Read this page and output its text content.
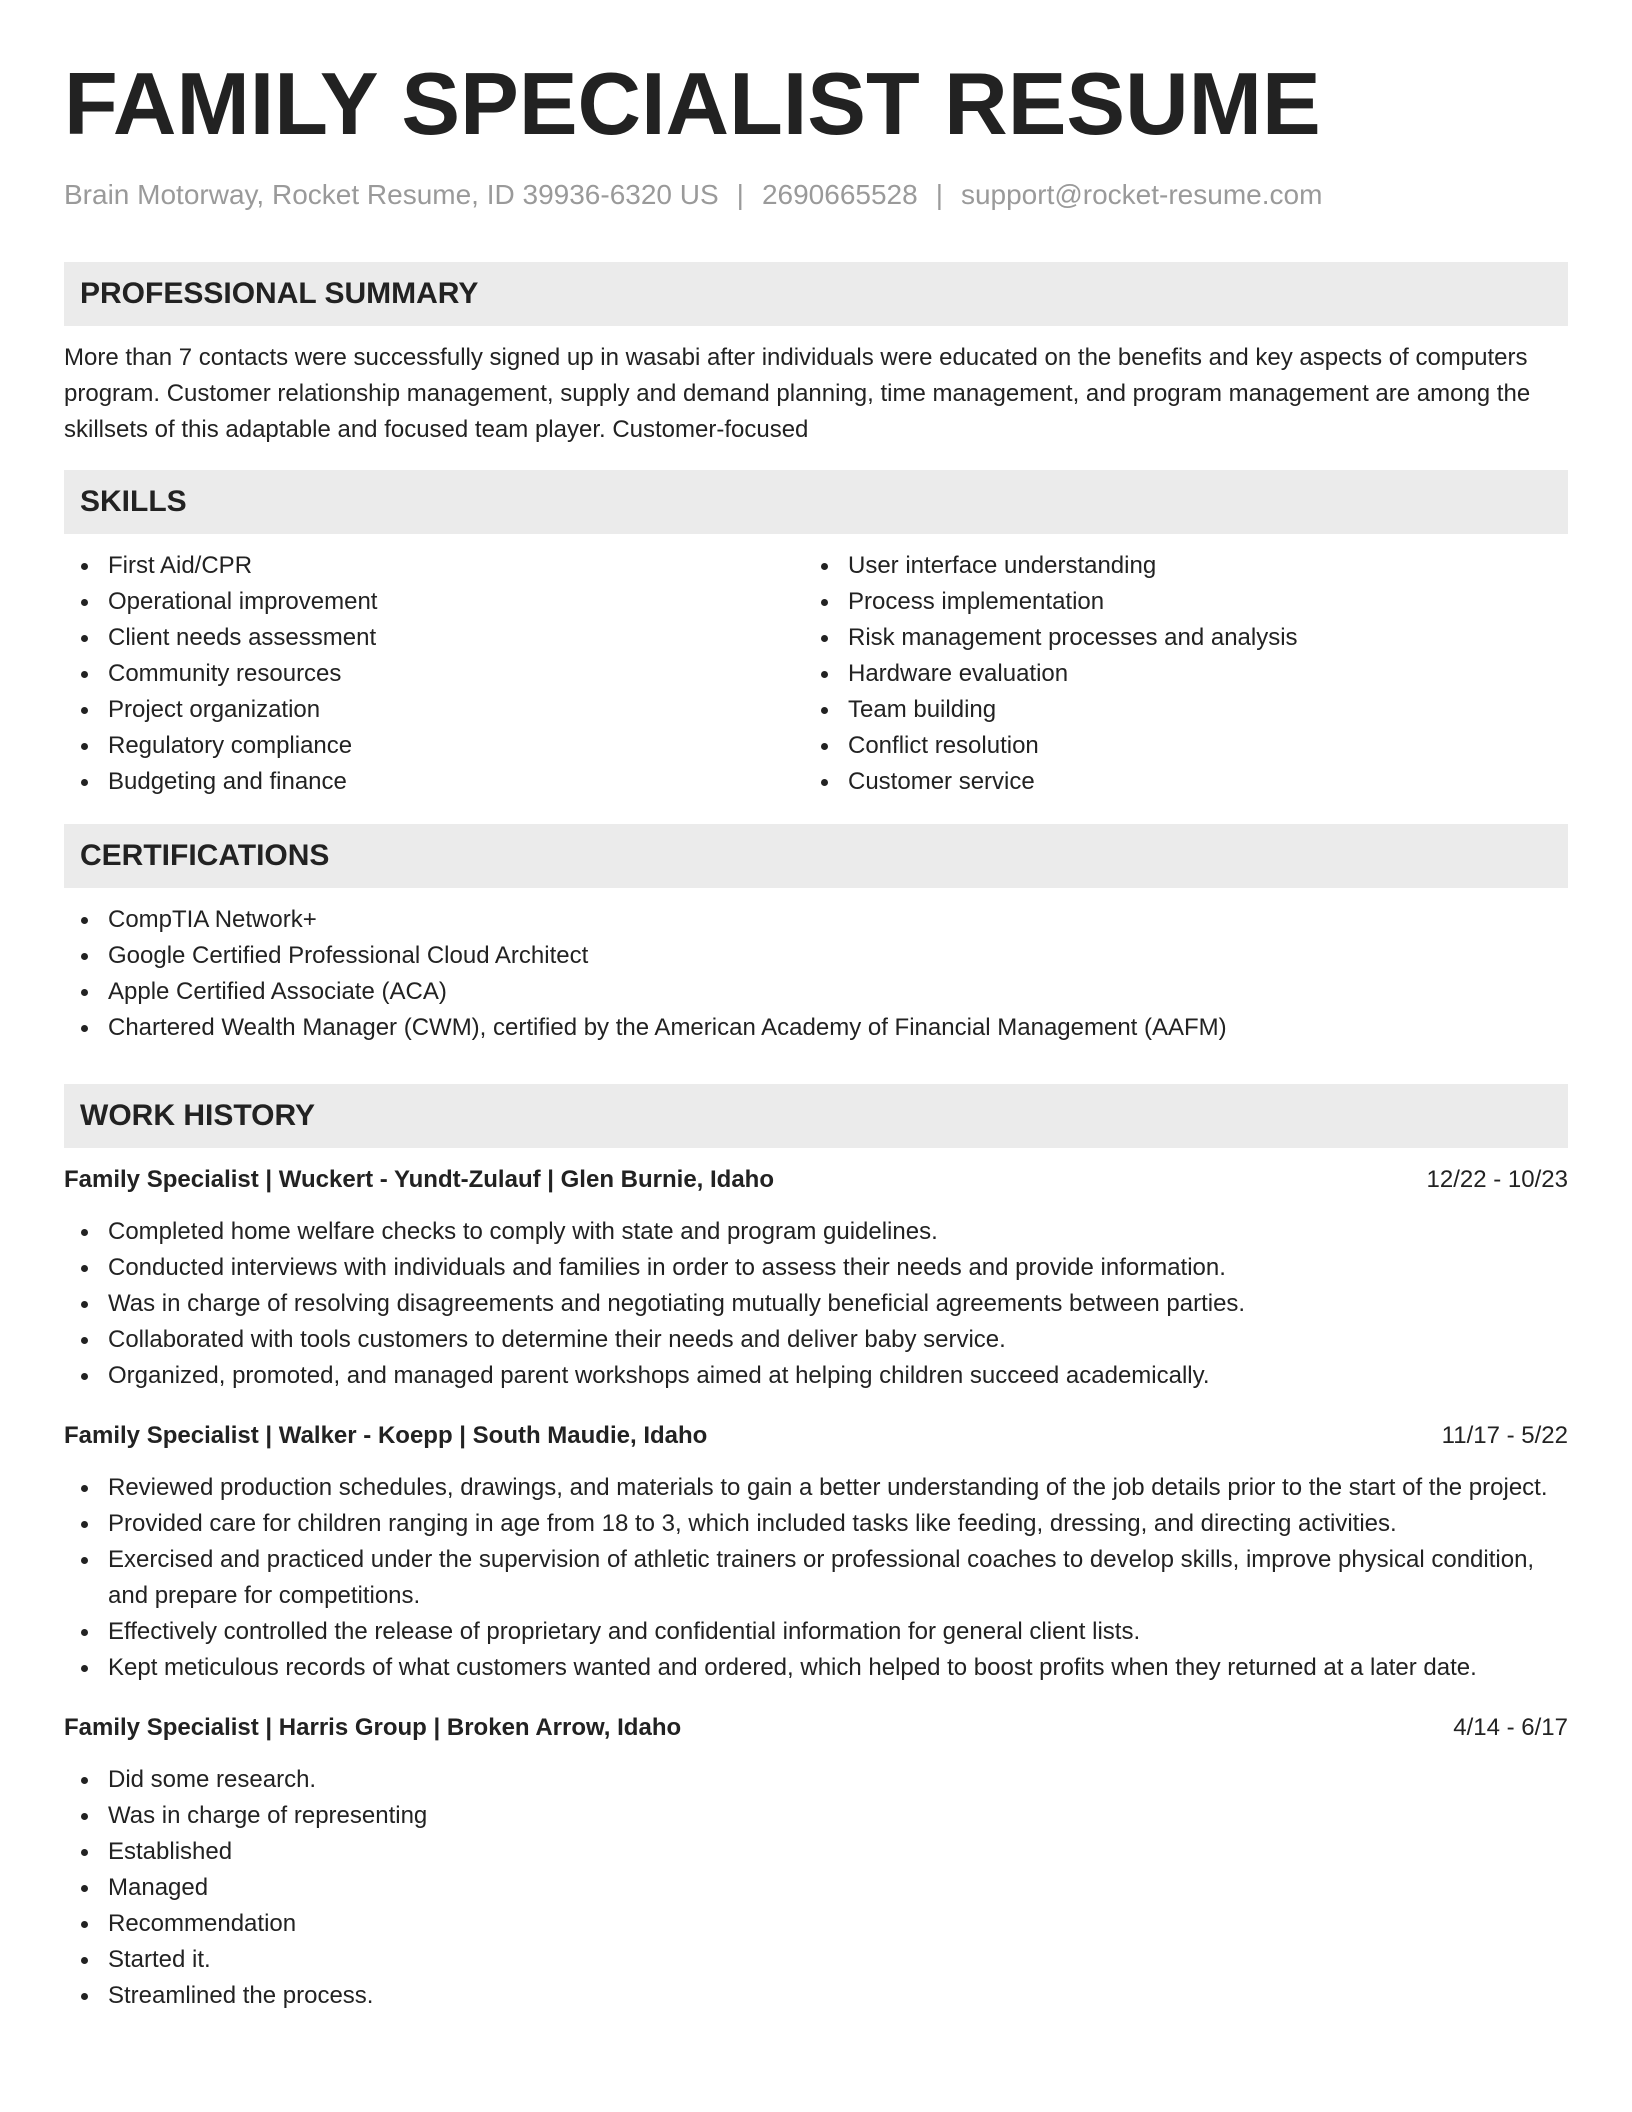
FAMILY SPECIALIST RESUME
Brain Motorway, Rocket Resume, ID 39936-6320 US | 2690665528 | support@rocket-resume.com
PROFESSIONAL SUMMARY

More than 7 contacts were successfully signed up in wasabi after individuals were educated on the benefits and key aspects of computers program. Customer relationship management, supply and demand planning, time management, and program management are among the skillsets of this adaptable and focused team player. Customer-focused

SKILLS
First Aid/CPR
Operational improvement
Client needs assessment
Community resources
Project organization
Regulatory compliance
Budgeting and finance
User interface understanding
Process implementation
Risk management processes and analysis
Hardware evaluation
Team building
Conflict resolution
Customer service
CERTIFICATIONS
CompTIA Network+
Google Certified Professional Cloud Architect
Apple Certified Associate (ACA)
Chartered Wealth Manager (CWM), certified by the American Academy of Financial Management (AAFM)
WORK HISTORY
Family Specialist | Wuckert - Yundt-Zulauf | Glen Burnie, Idaho	12/22 - 10/23
Completed home welfare checks to comply with state and program guidelines.
Conducted interviews with individuals and families in order to assess their needs and provide information.
Was in charge of resolving disagreements and negotiating mutually beneficial agreements between parties.
Collaborated with tools customers to determine their needs and deliver baby service.
Organized, promoted, and managed parent workshops aimed at helping children succeed academically.
Family Specialist | Walker - Koepp | South Maudie, Idaho	11/17 - 5/22
Reviewed production schedules, drawings, and materials to gain a better understanding of the job details prior to the start of the project.
Provided care for children ranging in age from 18 to 3, which included tasks like feeding, dressing, and directing activities.
Exercised and practiced under the supervision of athletic trainers or professional coaches to develop skills, improve physical condition, and prepare for competitions.
Effectively controlled the release of proprietary and confidential information for general client lists.
Kept meticulous records of what customers wanted and ordered, which helped to boost profits when they returned at a later date.
Family Specialist | Harris Group | Broken Arrow, Idaho	4/14 - 6/17
Did some research.
Was in charge of representing
Established
Managed
Recommendation
Started it.
Streamlined the process.
